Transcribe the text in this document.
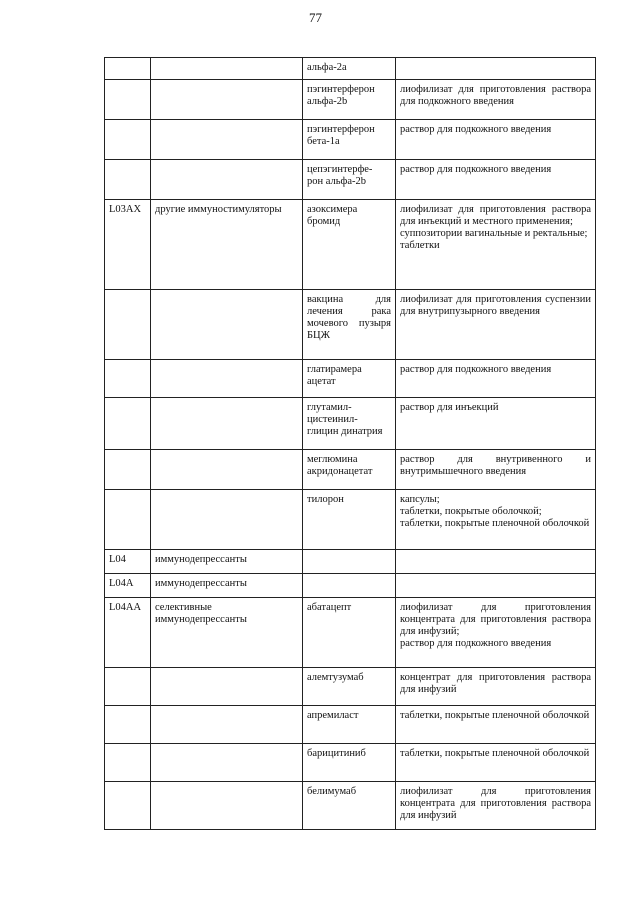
77
		альфа-2а	
		пэгинтерферон альфа-2b	лиофилизат для приготовления раствора для подкожного введения

		пэгинтерферон бета-1а	раствор для подкожного введения

		цепэгинтерфе-
рон альфа-2b	раствор для подкожного введения

L03AX	другие иммуностимуляторы	азоксимера бромид	лиофилизат для приготовления раствора для инъекций и местного применения;
суппозитории вагинальные и ректальные;
таблетки

		вакцина для лечения рака мочевого пузыря БЦЖ	лиофилизат для приготовления суспензии для внутрипузырного введения

		глатирамера ацетат	раствор для подкожного введения

		глутамил-
цистеинил-
глицин динатрия	раствор для инъекций

		меглюмина
акридонацетат	раствор для внутривенного и внутримышечного введения

		тилорон	капсулы;
таблетки, покрытые оболочкой;
таблетки, покрытые пленочной оболочкой

L04	иммунодепрессанты		
L04A	иммунодепрессанты		
L04AA	селективные иммунодепрессанты	абатацепт	лиофилизат для приготовления концентрата для приготовления раствора для инфузий;
раствор для подкожного введения

		алемтузумаб	концентрат для приготовления раствора для инфузий

		апремиласт	таблетки, покрытые пленочной оболочкой

		барицитиниб	таблетки, покрытые пленочной оболочкой

		белимумаб	лиофилизат для приготовления концентрата для приготовления раствора для инфузий
